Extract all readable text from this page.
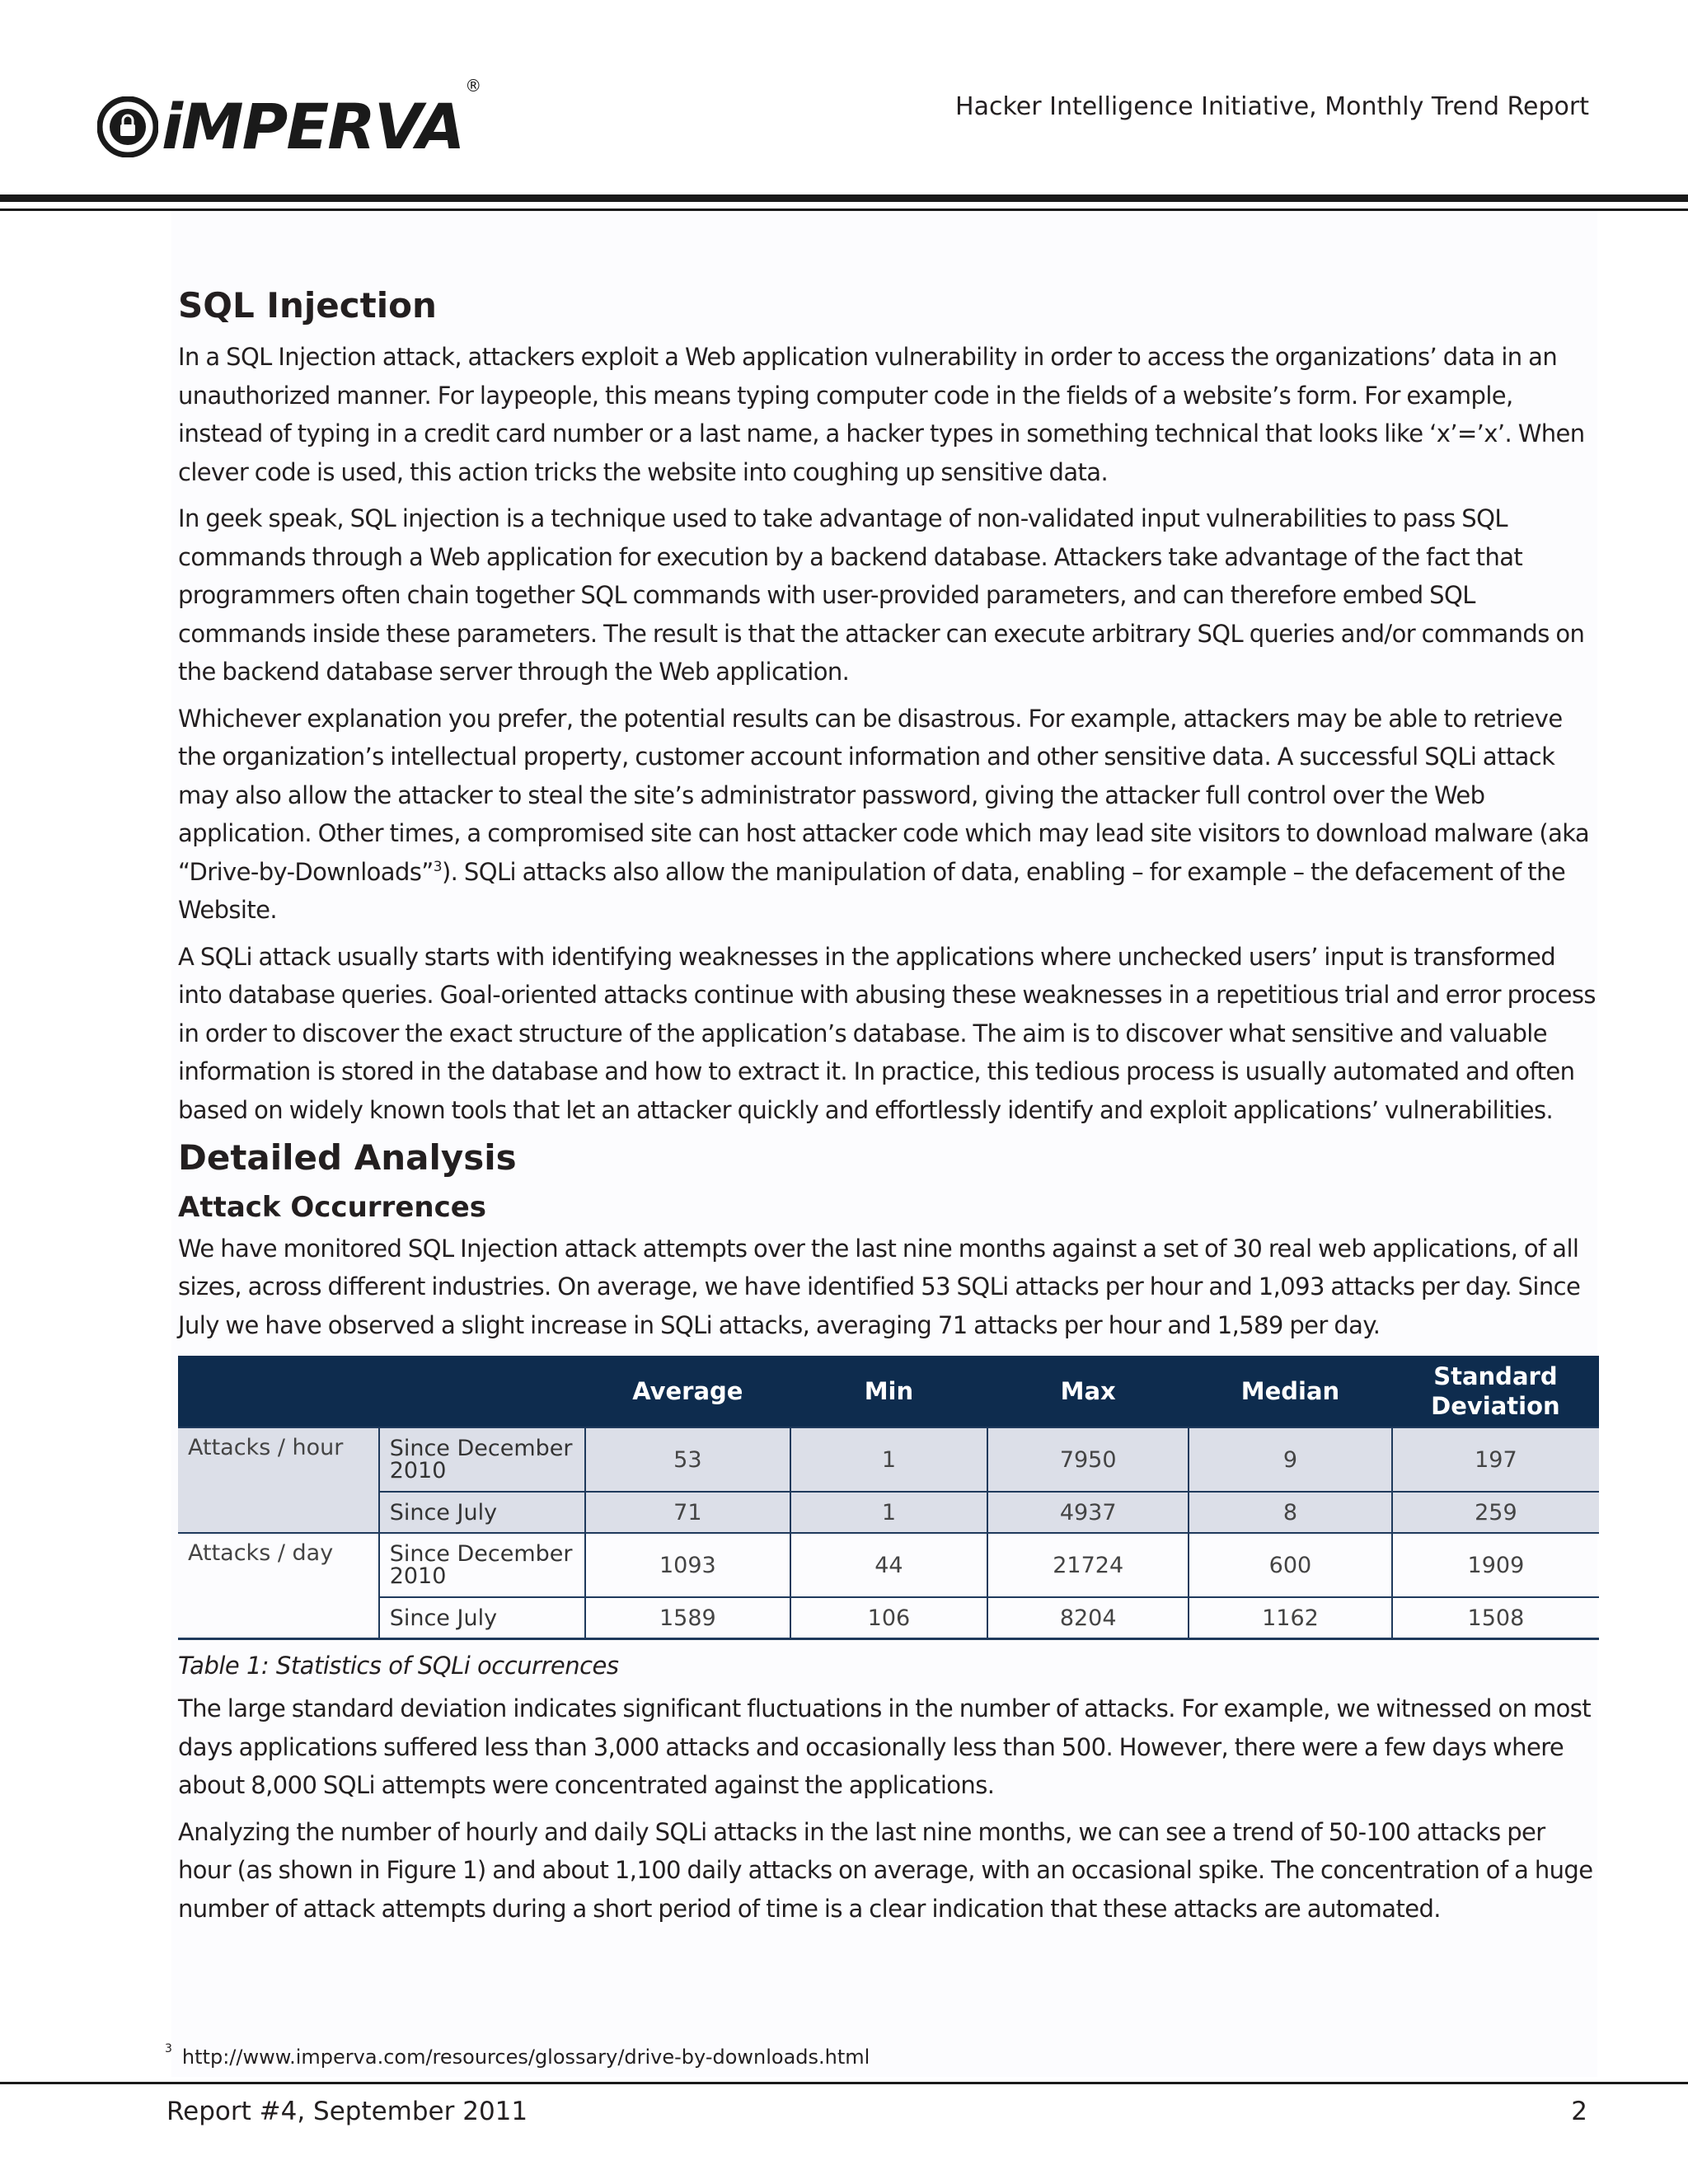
iMPERVA®
Hacker Intelligence Initiative, Monthly Trend Report
SQL Injection

In a SQL Injection attack, attackers exploit a Web application vulnerability in order to access the organizations’ data in an unauthorized manner. For laypeople, this means typing computer code in the fields of a website’s form. For example, instead of typing in a credit card number or a last name, a hacker types in something technical that looks like ‘x’=’x’. When clever code is used, this action tricks the website into coughing up sensitive data.

In geek speak, SQL injection is a technique used to take advantage of non-validated input vulnerabilities to pass SQL commands through a Web application for execution by a backend database. Attackers take advantage of the fact that programmers often chain together SQL commands with user-provided parameters, and can therefore embed SQL commands inside these parameters. The result is that the attacker can execute arbitrary SQL queries and/or commands on the backend database server through the Web application.

Whichever explanation you prefer, the potential results can be disastrous. For example, attackers may be able to retrieve the organization’s intellectual property, customer account information and other sensitive data. A successful SQLi attack may also allow the attacker to steal the site’s administrator password, giving the attacker full control over the Web application. Other times, a compromised site can host attacker code which may lead site visitors to download malware (aka “Drive-by-Downloads”$^3$). SQLi attacks also allow the manipulation of data, enabling – for example – the defacement of the Website.

A SQLi attack usually starts with identifying weaknesses in the applications where unchecked users’ input is transformed into database queries. Goal-oriented attacks continue with abusing these weaknesses in a repetitious trial and error process in order to discover the exact structure of the application’s database. The aim is to discover what sensitive and valuable information is stored in the database and how to extract it. In practice, this tedious process is usually automated and often based on widely known tools that let an attacker quickly and effortlessly identify and exploit applications’ vulnerabilities.

Detailed Analysis
Attack Occurrences

We have monitored SQL Injection attack attempts over the last nine months against a set of 30 real web applications, of all sizes, across different industries. On average, we have identified 53 SQLi attacks per hour and 1,093 attacks per day. Since July we have observed a slight increase in SQLi attacks, averaging 71 attacks per hour and 1,589 per day.

		Average	Min	Max	Median	Standard Deviation
Attacks / hour	Since December 2010	53	1	7950	9	197
	Since July	71	1	4937	8	259
Attacks / day	Since December 2010	1093	44	21724	600	1909
	Since July	1589	106	8204	1162	1508
Table 1: Statistics of SQLi occurrences

The large standard deviation indicates significant fluctuations in the number of attacks. For example, we witnessed on most days applications suffered less than 3,000 attacks and occasionally less than 500. However, there were a few days where about 8,000 SQLi attempts were concentrated against the applications.

Analyzing the number of hourly and daily SQLi attacks in the last nine months, we can see a trend of 50-100 attacks per hour (as shown in Figure 1) and about 1,100 daily attacks on average, with an occasional spike. The concentration of a huge number of attack attempts during a short period of time is a clear indication that these attacks are automated.

$^3$ http://www.imperva.com/resources/glossary/drive-by-downloads.html
Report #4, September 2011	2
